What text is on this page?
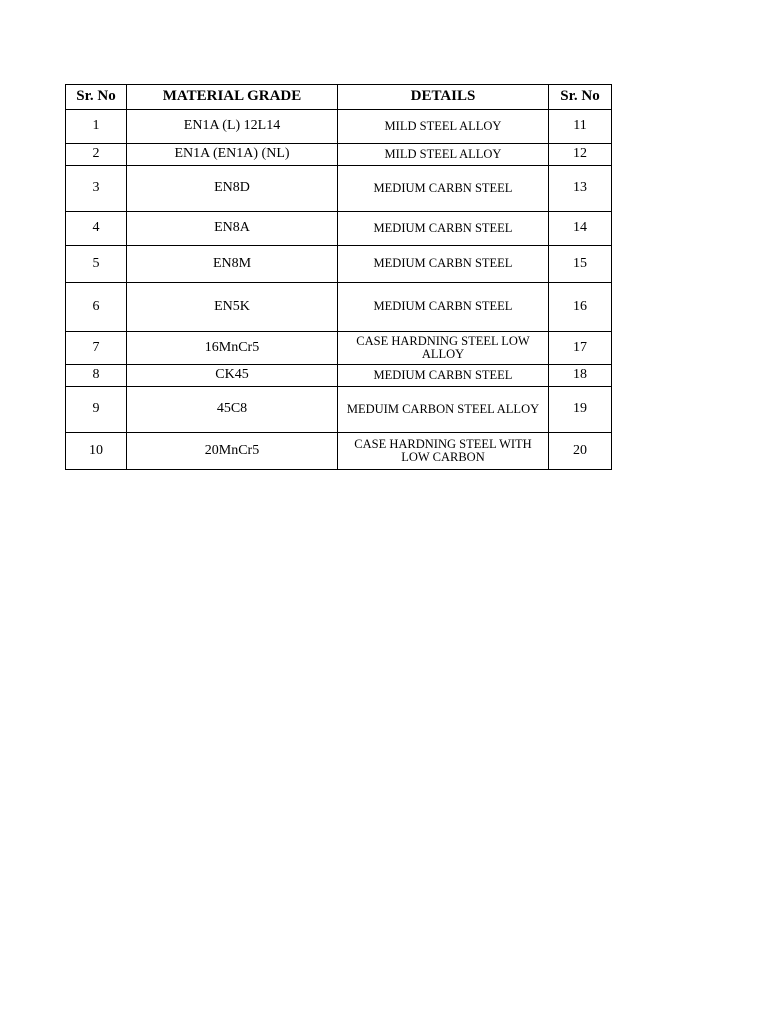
Sr. No	MATERIAL GRADE	DETAILS	Sr. No
1	EN1A (L) 12L14	MILD STEEL ALLOY	11
2	EN1A (EN1A) (NL)	MILD STEEL ALLOY	12
3	EN8D	MEDIUM CARBN STEEL	13
4	EN8A	MEDIUM CARBN STEEL	14
5	EN8M	MEDIUM CARBN STEEL	15
6	EN5K	MEDIUM CARBN STEEL	16
7	16MnCr5	CASE HARDNING STEEL LOW ALLOY	17
8	CK45	MEDIUM CARBN STEEL	18
9	45C8	MEDUIM CARBON STEEL ALLOY	19
10	20MnCr5	CASE HARDNING STEEL WITH LOW CARBON	20
